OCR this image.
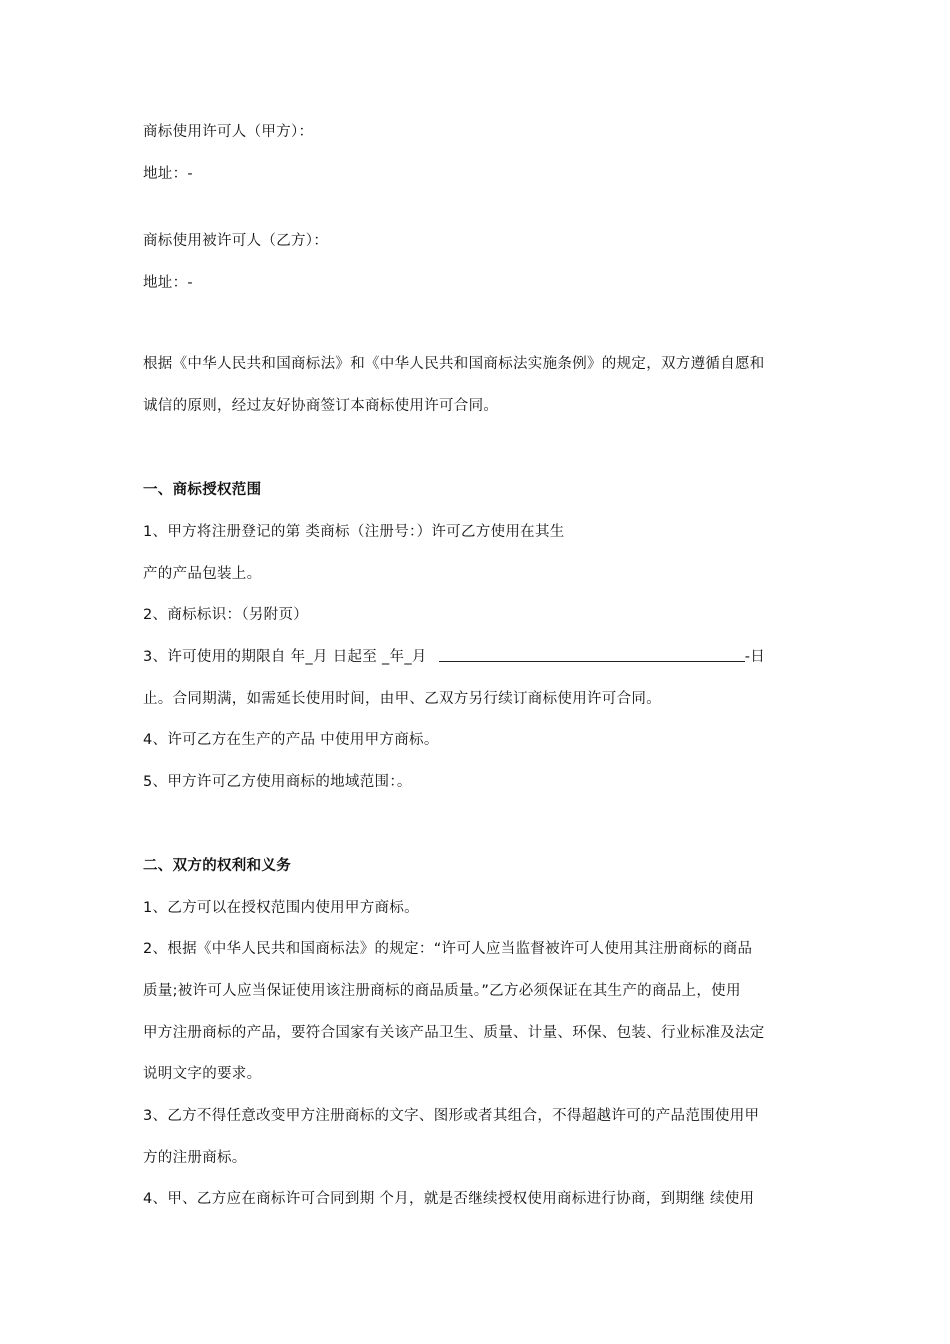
商标使用许可人（甲方）：
地址：-
商标使用被许可人（乙方）：
地址：-
根据《中华人民共和国商标法》和《中华人民共和国商标法实施条例》的规定，双方遵循自愿和
诚信的原则，经过友好协商签订本商标使用许可合同。
一、商标授权范围
1、甲方将注册登记的第 类商标（注册号：）许可乙方使用在其生
产的产品包装上。
2、商标标识：（另附页）
3、许可使用的期限自 年_月 日起至 _年_月	-日
止。合同期满，如需延长使用时间，由甲、乙双方另行续订商标使用许可合同。
4、许可乙方在生产的产品 中使用甲方商标。
5、甲方许可乙方使用商标的地域范围：。
二、双方的权利和义务
1、乙方可以在授权范围内使用甲方商标。
2、根据《中华人民共和国商标法》的规定：“许可人应当监督被许可人使用其注册商标的商品
质量;被许可人应当保证使用该注册商标的商品质量。”乙方必须保证在其生产的商品上，使用
甲方注册商标的产品，要符合国家有关该产品卫生、质量、计量、环保、包装、行业标准及法定
说明文字的要求。
3、乙方不得任意改变甲方注册商标的文字、图形或者其组合，不得超越许可的产品范围使用甲
方的注册商标。
4、甲、乙方应在商标许可合同到期 个月，就是否继续授权使用商标进行协商，到期继 续使用
